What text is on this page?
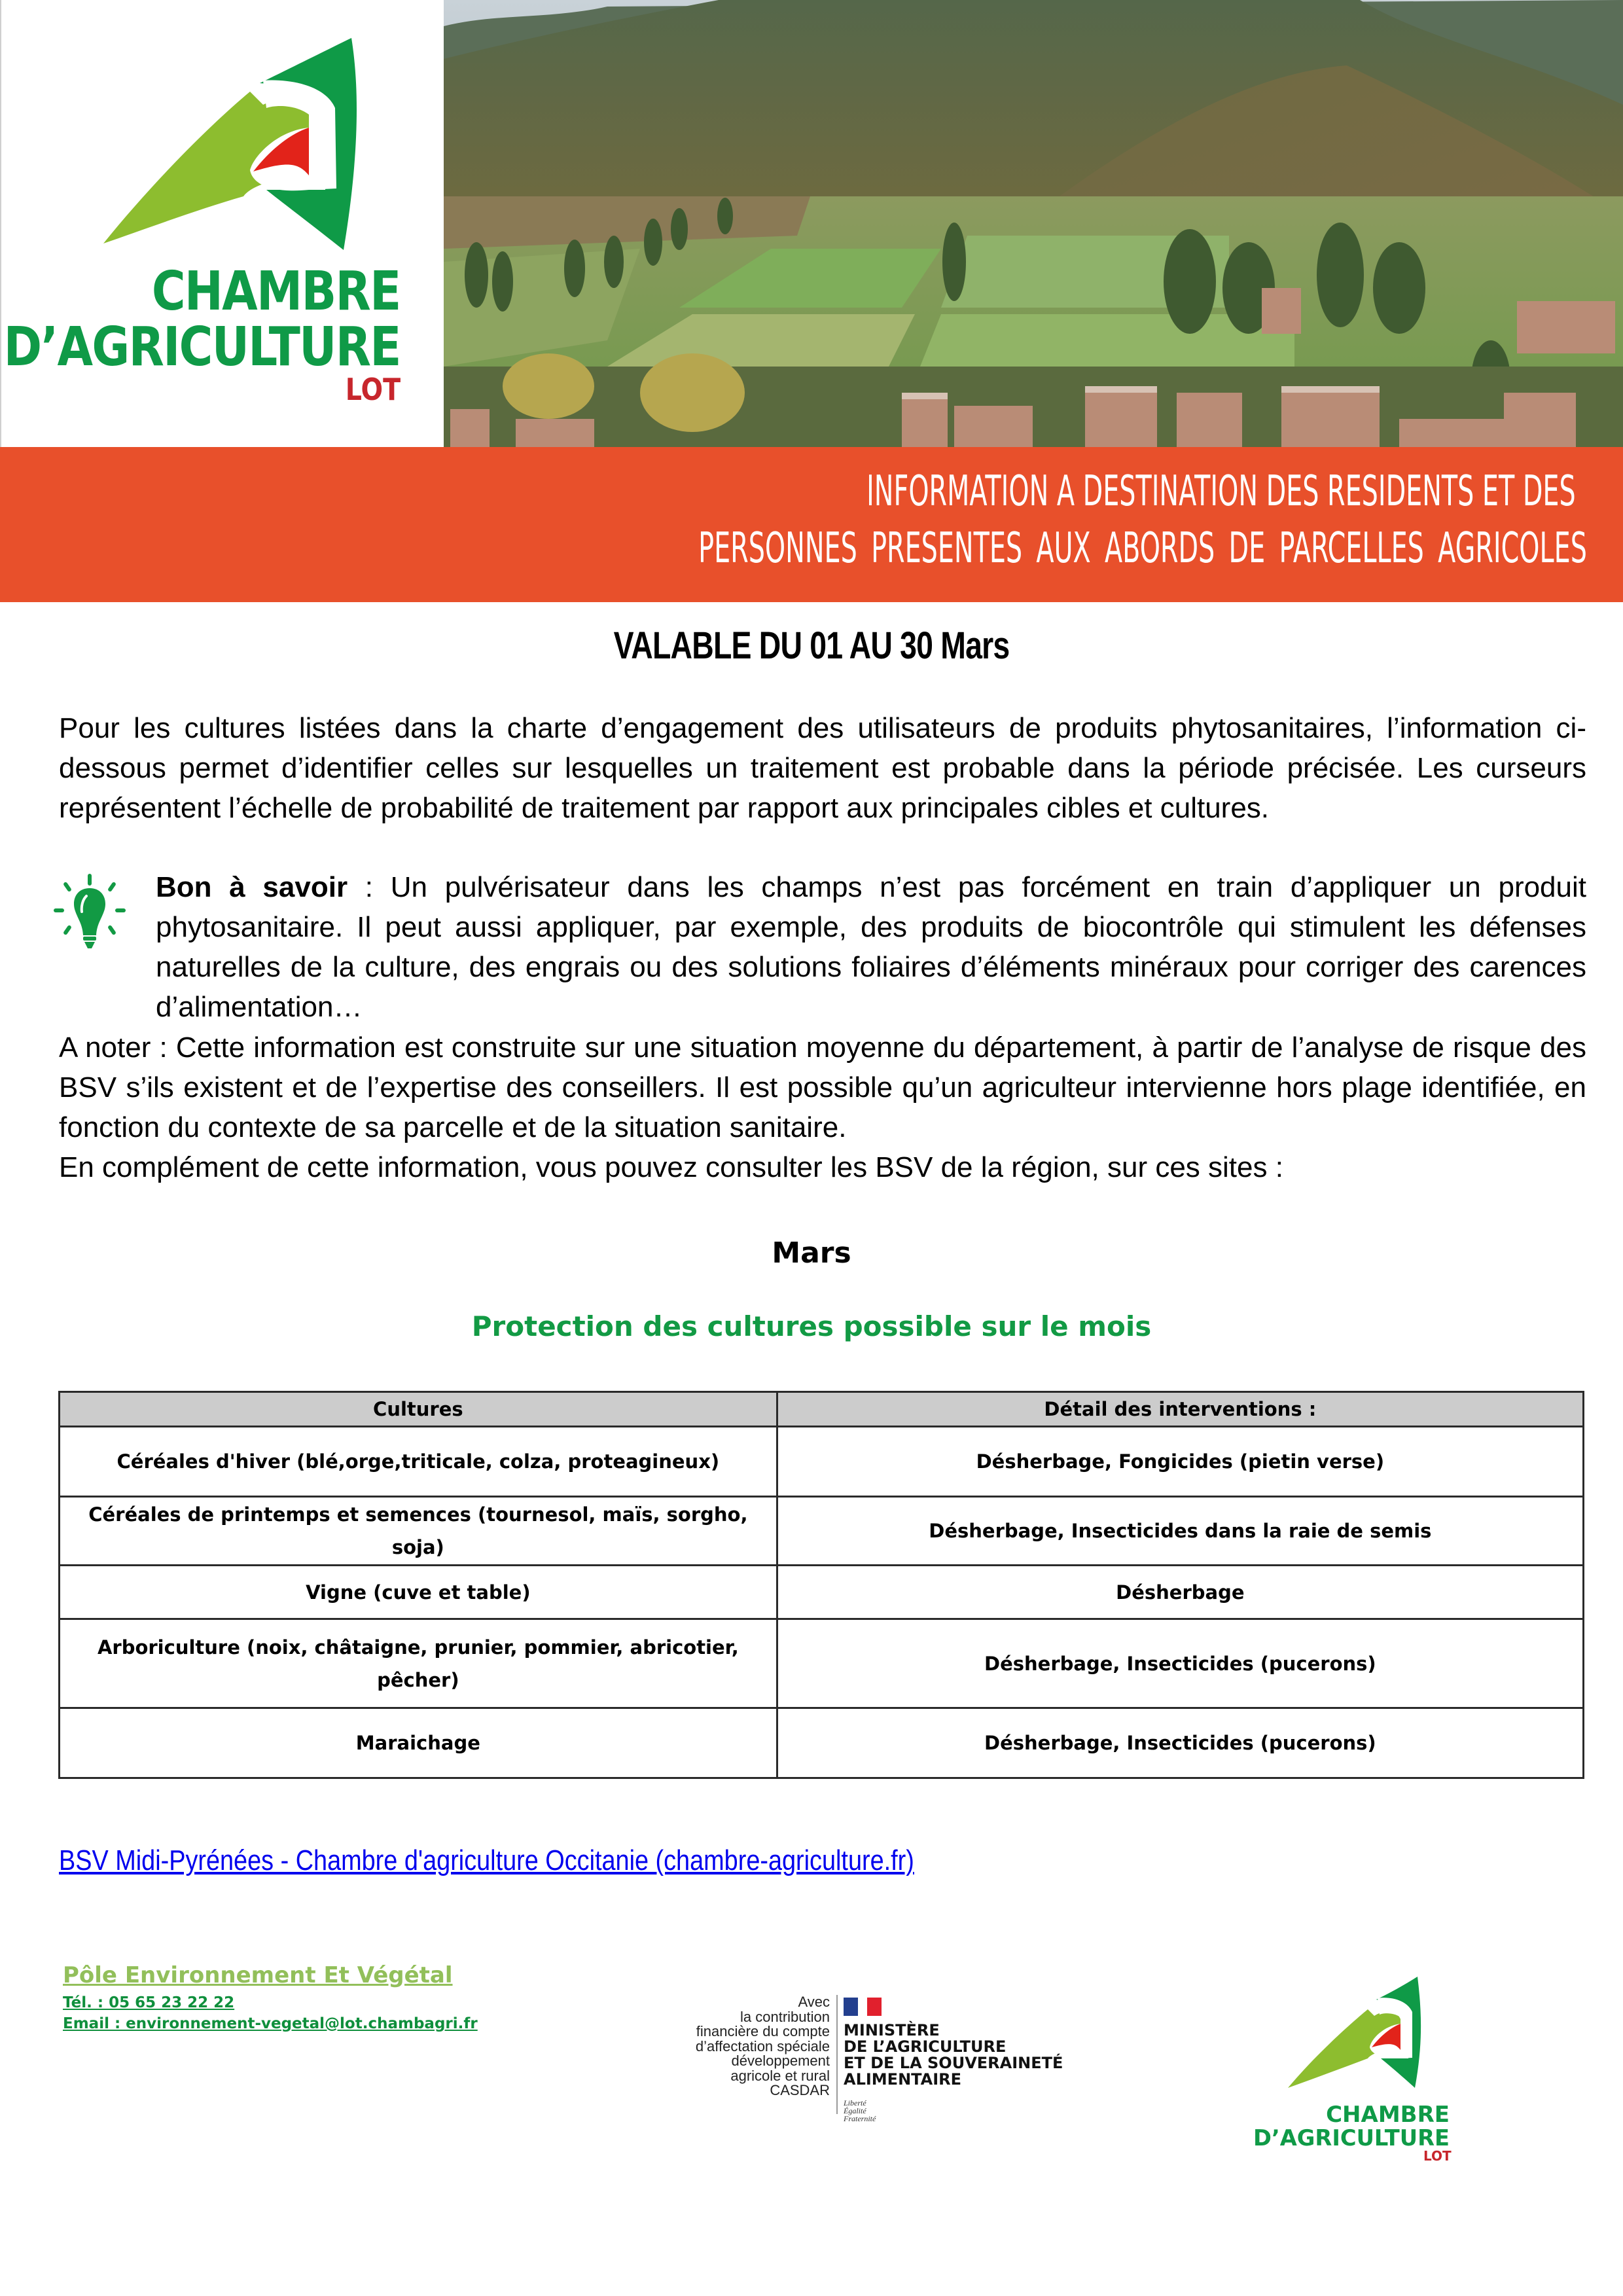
CHAMBRE
D’AGRICULTURE
LOT
INFORMATION A DESTINATION DES RESIDENTS ET DES
PERSONNES PRESENTES AUX ABORDS DE PARCELLES AGRICOLES
VALABLE DU 01 AU 30 Mars

Pour les cultures listées dans la charte d’engagement des utilisateurs de produits phytosanitaires, l’information ci-dessous permet d’identifier celles sur lesquelles un traitement est probable dans la période précisée. Les curseurs représentent l’échelle de probabilité de traitement par rapport aux principales cibles et cultures.

Bon à savoir : Un pulvérisateur dans les champs n’est pas forcément en train d’appliquer un produit phytosanitaire. Il peut aussi appliquer, par exemple, des produits de biocontrôle qui stimulent les défenses naturelles de la culture, des engrais ou des solutions foliaires d’éléments minéraux pour corriger des carences d’alimentation…

A noter : Cette information est construite sur une situation moyenne du département, à partir de l’analyse de risque des BSV s’ils existent et de l’expertise des conseillers. Il est possible qu’un agriculteur intervienne hors plage identifiée, en fonction du contexte de sa parcelle et de la situation sanitaire.

En complément de cette information, vous pouvez consulter les BSV de la région, sur ces sites :

Mars
Protection des cultures possible sur le mois
Cultures	Détail des interventions :
Céréales d'hiver (blé,orge,triticale, colza, proteagineux)	Désherbage, Fongicides (pietin verse)
Céréales de printemps et semences (tournesol, maïs, sorgho, soja)	Désherbage, Insecticides dans la raie de semis
Vigne (cuve et table)	Désherbage
Arboriculture (noix, châtaigne, prunier, pommier, abricotier, pêcher)	Désherbage, Insecticides (pucerons)
Maraichage	Désherbage, Insecticides (pucerons)
BSV Midi-Pyrénées - Chambre d'agriculture Occitanie (chambre-agriculture.fr)
Pôle Environnement Et Végétal
Tél. : 05 65 23 22 22
Email : environnement-vegetal@lot.chambagri.fr
Avec
la contribution
financière du compte
d’affectation spéciale
développement
agricole et rural
CASDAR
MINISTÈRE
DE L’AGRICULTURE
ET DE LA SOUVERAINETÉ
ALIMENTAIRE
Liberté
Égalité
Fraternité	CHAMBRE
D’AGRICULTURE
LOT
